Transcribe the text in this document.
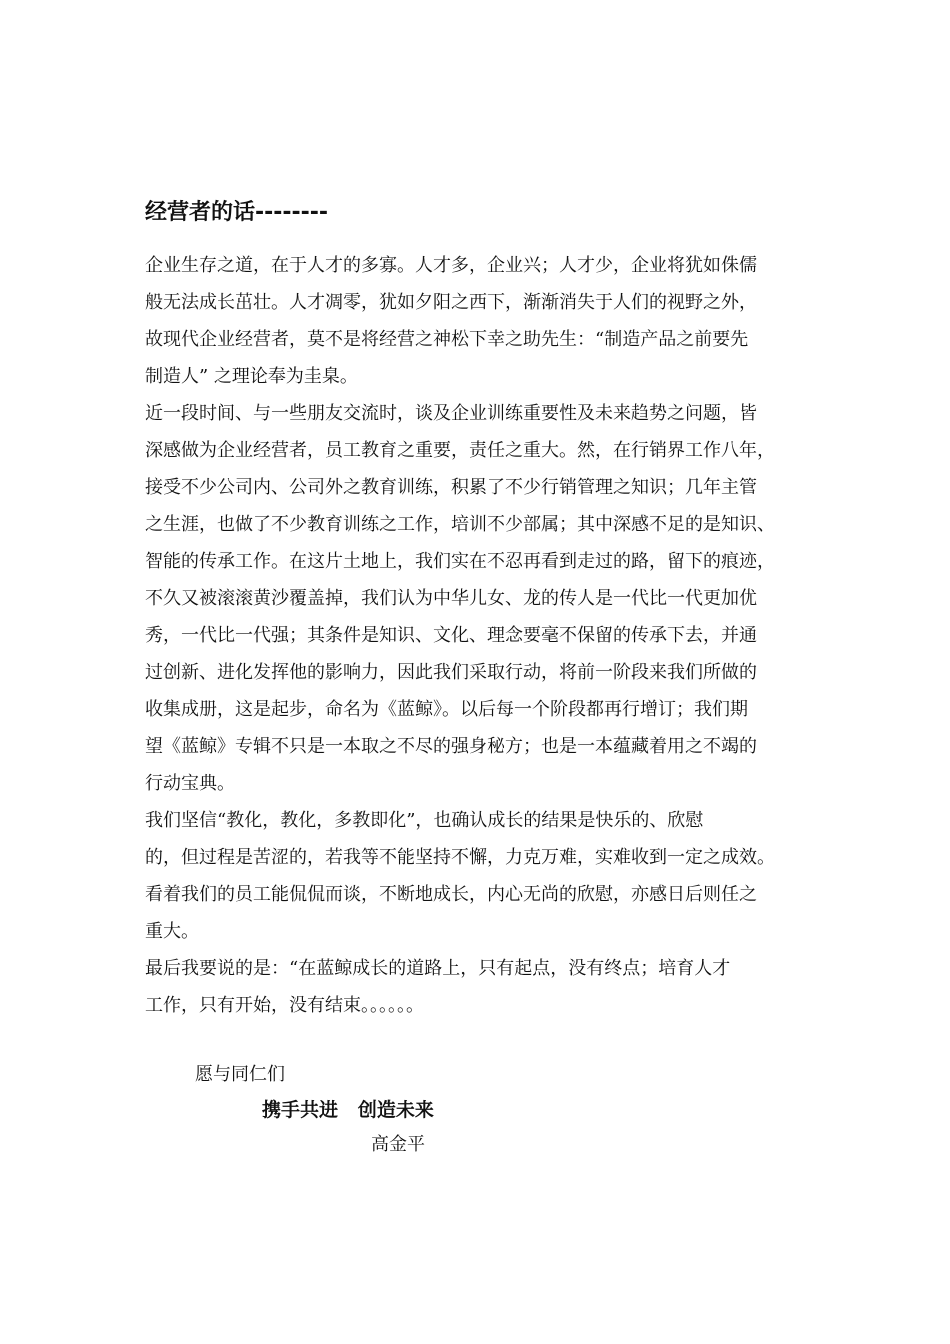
经营者的话--------
企业生存之道，在于人才的多寡。人才多，企业兴；人才少，企业将犹如侏儒
般无法成长茁壮。人才凋零，犹如夕阳之西下，渐渐消失于人们的视野之外，
故现代企业经营者，莫不是将经营之神松下幸之助先生：“制造产品之前要先
制造人” 之理论奉为圭臬。
近一段时间、与一些朋友交流时，谈及企业训练重要性及未来趋势之问题，皆
深感做为企业经营者，员工教育之重要，责任之重大。然，在行销界工作八年，
接受不少公司内、公司外之教育训练，积累了不少行销管理之知识；几年主管
之生涯，也做了不少教育训练之工作，培训不少部属；其中深感不足的是知识、
智能的传承工作。在这片土地上，我们实在不忍再看到走过的路，留下的痕迹，
不久又被滚滚黄沙覆盖掉，我们认为中华儿女、龙的传人是一代比一代更加优
秀，一代比一代强；其条件是知识、文化、理念要毫不保留的传承下去，并通
过创新、进化发挥他的影响力，因此我们采取行动，将前一阶段来我们所做的
收集成册，这是起步，命名为《蓝鲸》。以后每一个阶段都再行增订；我们期
望《蓝鲸》专辑不只是一本取之不尽的强身秘方；也是一本蕴藏着用之不竭的
行动宝典。
我们坚信“教化，教化，多教即化”，也确认成长的结果是快乐的、欣慰
的，但过程是苦涩的，若我等不能坚持不懈，力克万难，实难收到一定之成效。
看着我们的员工能侃侃而谈，不断地成长，内心无尚的欣慰，亦感日后则任之
重大。
最后我要说的是：“在蓝鲸成长的道路上，只有起点，没有终点；培育人才
工作，只有开始，没有结束。。。。。。
愿与同仁们
携手共进   创造未来
高金平
